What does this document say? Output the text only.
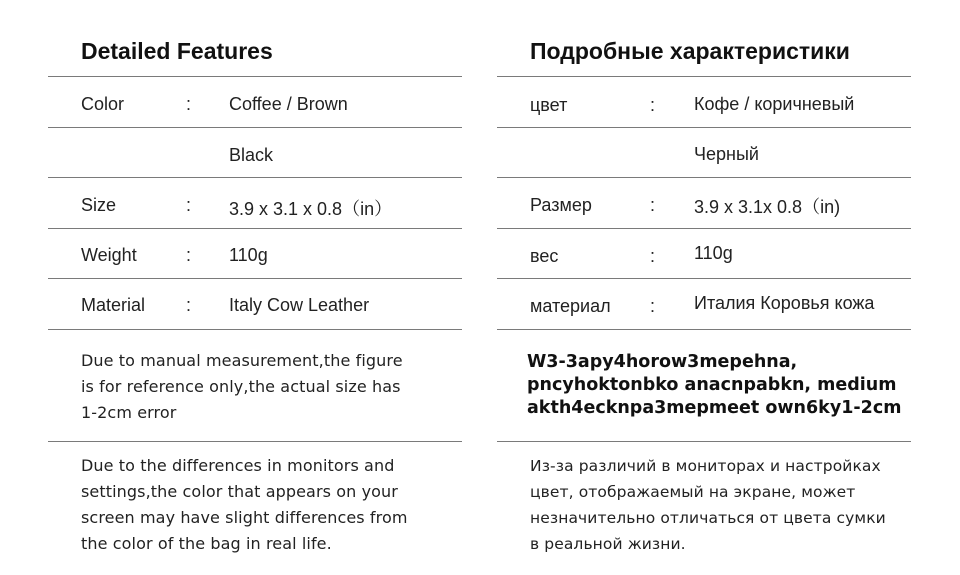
Detailed Features
Color	: Coffee / Brown
Black
Size	: 3.9 x 3.1 x 0.8（in）
Weight	: 110g
Material : Italy Cow Leather
Due to manual measurement,the figure
is for reference only,the actual size has
1-2cm error
Due to the differences in monitors and
settings,the color that appears on your
screen may have slight differences from
the color of the bag in real life.
Подробные характеристики
цвет	: Кофе / коричневый
Черный
Размер	: 3.9 x 3.1x 0.8（in)
вес	: 110g
материал : Италия Коровья кожа
W3-3apy4horow3mepehna,
pncyhoktonbko anacnpabkn, medium
akth4ecknpa3mepmeet own6ky1-2cm
Из-за различий в мониторах и настройках
цвет, отображаемый на экране, может
незначительно отличаться от цвета сумки
в реальной жизни.
